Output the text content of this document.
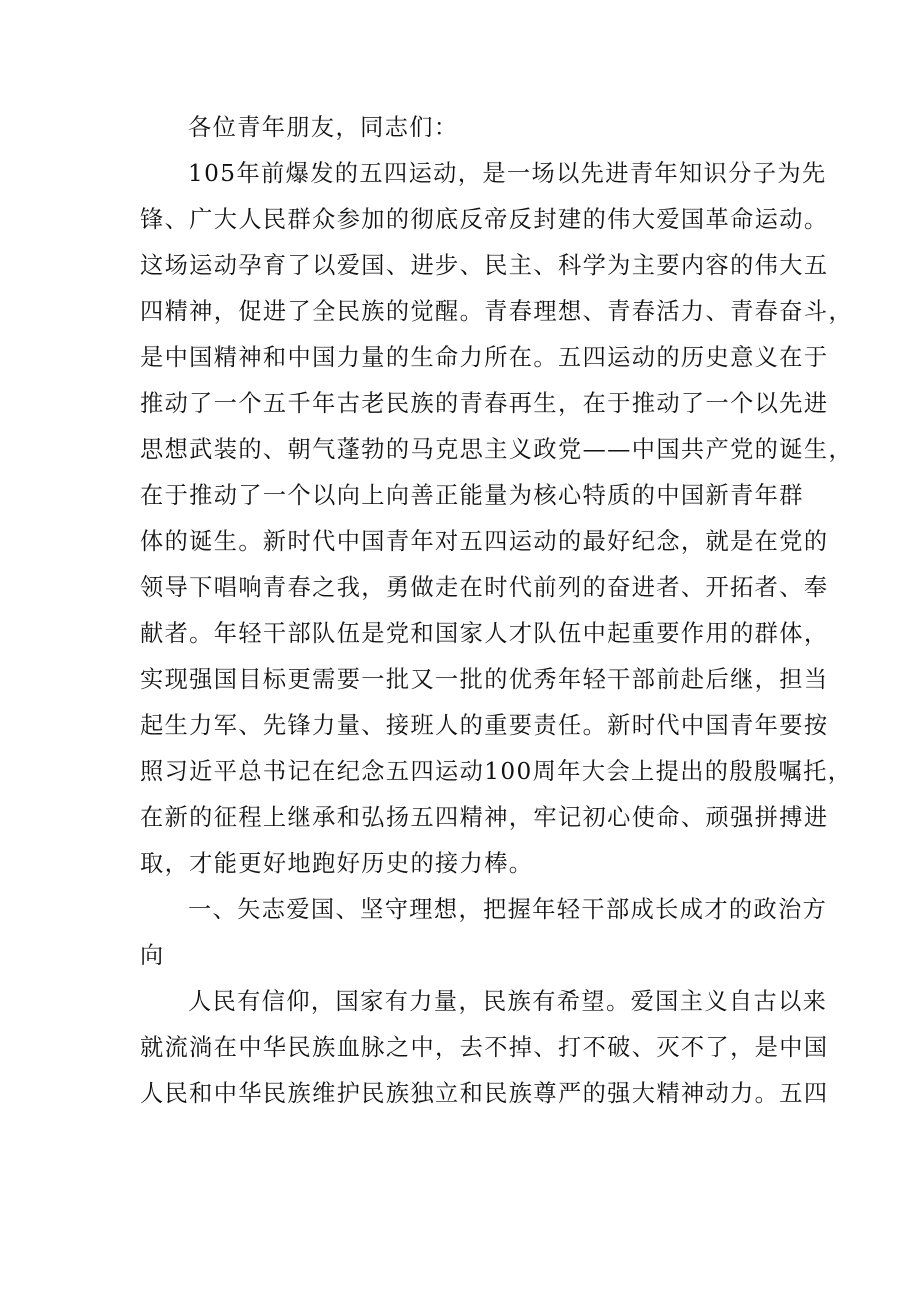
各位青年朋友，同志们：
105年前爆发的五四运动，是一场以先进青年知识分子为先
锋、广大人民群众参加的彻底反帝反封建的伟大爱国革命运动。
这场运动孕育了以爱国、进步、民主、科学为主要内容的伟大五
四精神，促进了全民族的觉醒。青春理想、青春活力、青春奋斗，
是中国精神和中国力量的生命力所在。五四运动的历史意义在于
推动了一个五千年古老民族的青春再生，在于推动了一个以先进
思想武装的、朝气蓬勃的马克思主义政党——中国共产党的诞生，
在于推动了一个以向上向善正能量为核心特质的中国新青年群
体的诞生。新时代中国青年对五四运动的最好纪念，就是在党的
领导下唱响青春之我，勇做走在时代前列的奋进者、开拓者、奉
献者。年轻干部队伍是党和国家人才队伍中起重要作用的群体，
实现强国目标更需要一批又一批的优秀年轻干部前赴后继，担当
起生力军、先锋力量、接班人的重要责任。新时代中国青年要按
照习近平总书记在纪念五四运动100周年大会上提出的殷殷嘱托，
在新的征程上继承和弘扬五四精神，牢记初心使命、顽强拼搏进
取，才能更好地跑好历史的接力棒。
一、矢志爱国、坚守理想，把握年轻干部成长成才的政治方
向
人民有信仰，国家有力量，民族有希望。爱国主义自古以来
就流淌在中华民族血脉之中，去不掉、打不破、灭不了，是中国
人民和中华民族维护民族独立和民族尊严的强大精神动力。五四
